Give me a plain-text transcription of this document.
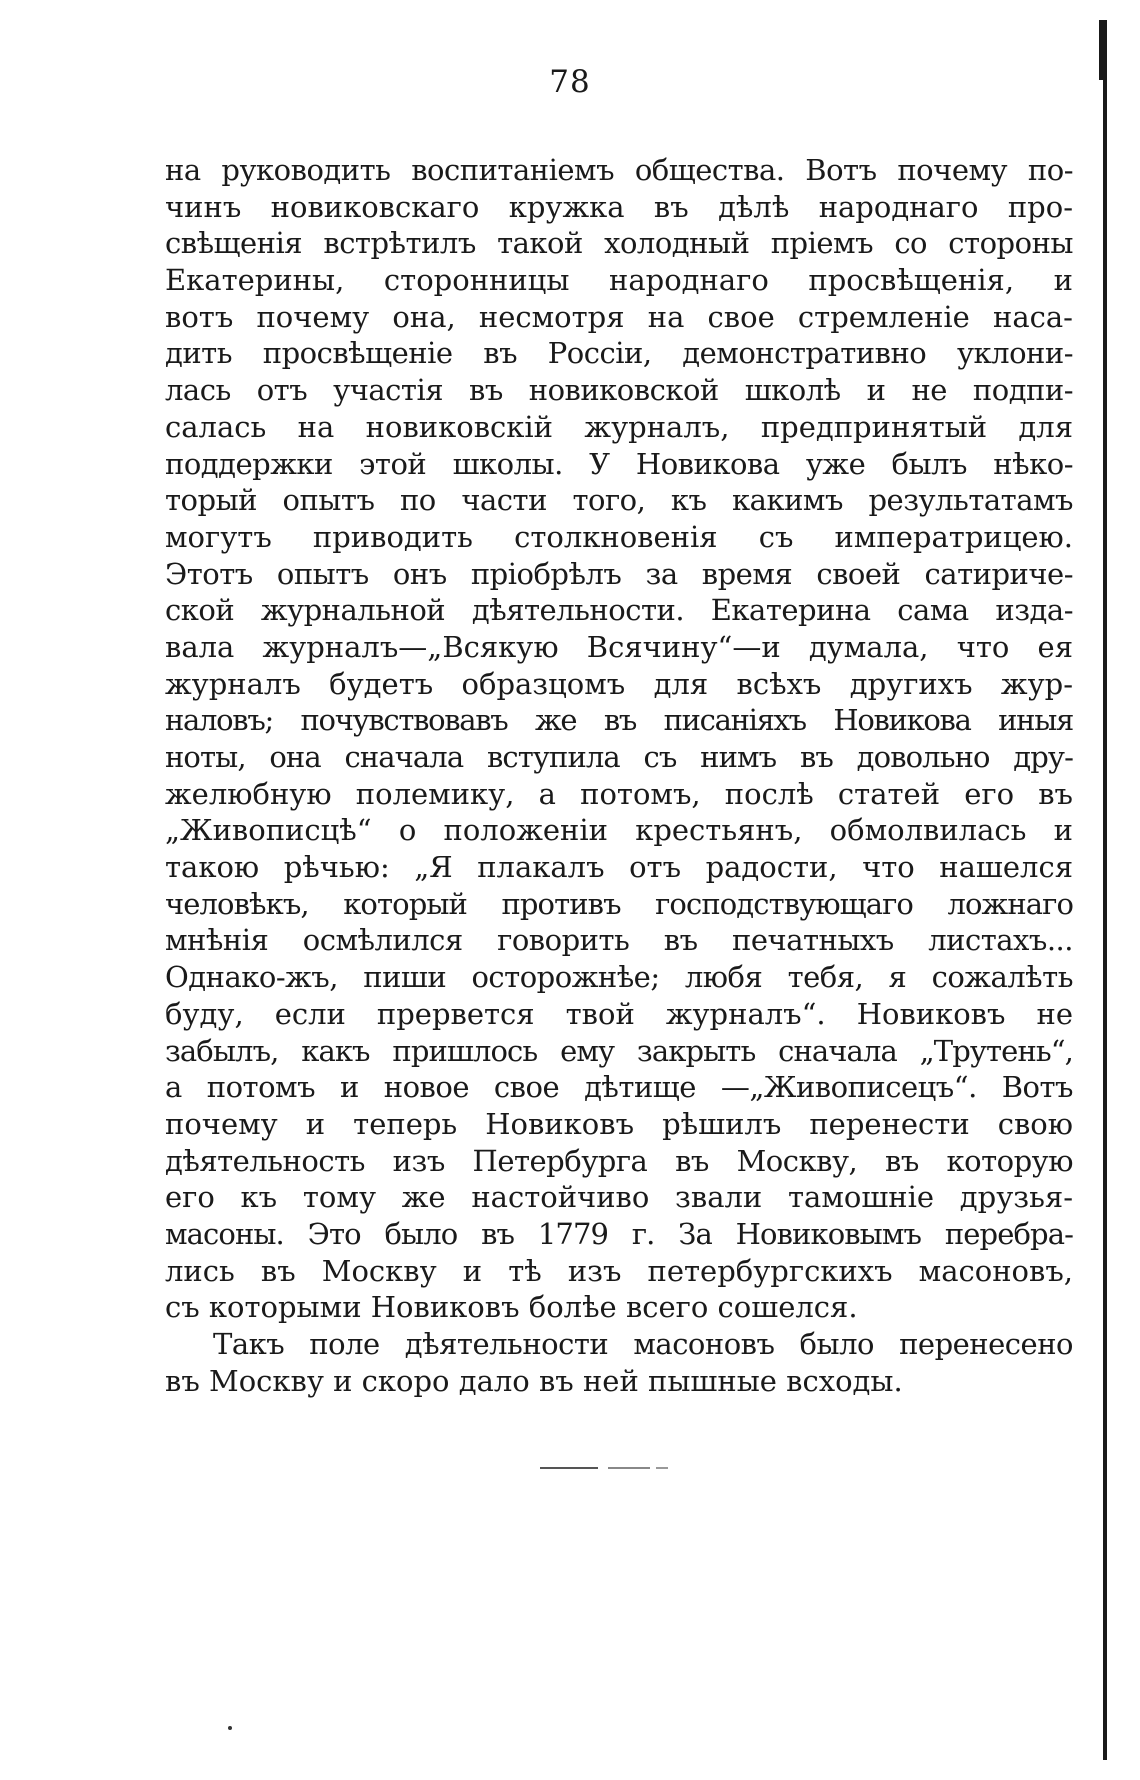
78
на руководить воспитаніемъ общества. Вотъ почему по-
чинъ новиковскаго кружка въ дѣлѣ народнаго про-
свѣщенія встрѣтилъ такой холодный пріемъ со стороны
Екатерины, сторонницы народнаго просвѣщенія, и
вотъ почему она, несмотря на свое стремленіе наса-
дить просвѣщеніе въ Россіи, демонстративно уклони-
лась отъ участія въ новиковской школѣ и не подпи-
салась на новиковскій журналъ, предпринятый для
поддержки этой школы. У Новикова уже былъ нѣко-
торый опытъ по части того, къ какимъ результатамъ
могутъ приводить столкновенія съ императрицею.
Этотъ опытъ онъ пріобрѣлъ за время своей сатириче-
ской журнальной дѣятельности. Екатерина сама изда-
вала журналъ—„Всякую Всячину“—и думала, что ея
журналъ будетъ образцомъ для всѣхъ другихъ жур-
наловъ; почувствовавъ же въ писаніяхъ Новикова иныя
ноты, она сначала вступила съ нимъ въ довольно дру-
желюбную полемику, а потомъ, послѣ статей его въ
„Живописцѣ“ о положеніи крестьянъ, обмолвилась и
такою рѣчью: „Я плакалъ отъ радости, что нашелся
человѣкъ, который противъ господствующаго ложнаго
мнѣнія осмѣлился говорить въ печатныхъ листахъ...
Однако-жъ, пиши осторожнѣе; любя тебя, я сожалѣть
буду, если прервется твой журналъ“. Новиковъ не
забылъ, какъ пришлось ему закрыть сначала „Трутень“,
а потомъ и новое свое дѣтище —„Живописецъ“. Вотъ
почему и теперь Новиковъ рѣшилъ перенести свою
дѣятельность изъ Петербурга въ Москву, въ которую
его къ тому же настойчиво звали тамошніе друзья-
масоны. Это было въ 1779 г. За Новиковымъ перебра-
лись въ Москву и тѣ изъ петербургскихъ масоновъ,
съ которыми Новиковъ болѣе всего сошелся.
Такъ поле дѣятельности масоновъ было перенесено
въ Москву и скоро дало въ ней пышные всходы.
